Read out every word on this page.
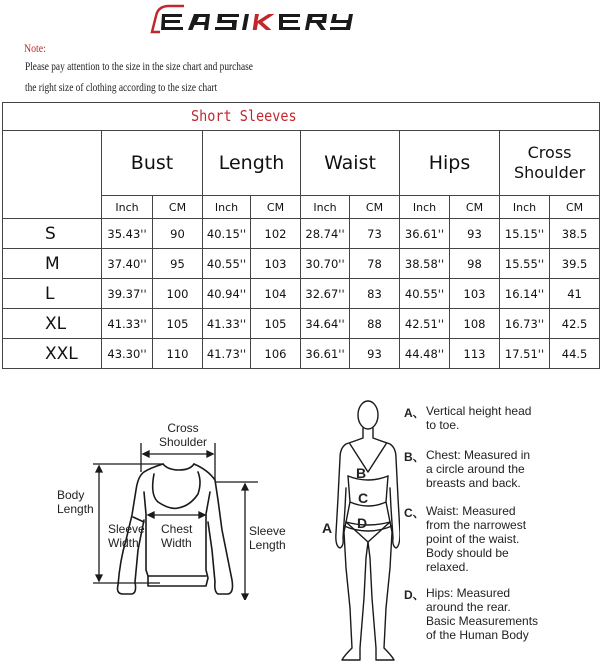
Note:
Please pay attention to the size in the size chart and purchase
the right size of clothing according to the size chart
Short Sleeves										
	Bust		Length		Waist		Hips		Cross
Shoulder	
	Inch	CM	Inch	CM	Inch	CM	Inch	CM	Inch	CM
S	35.43''	90	40.15''	102	28.74''	73	36.61''	93	15.15''	38.5
M	37.40''	95	40.55''	103	30.70''	78	38.58''	98	15.55''	39.5
L	39.37''	100	40.94''	104	32.67''	83	40.55''	103	16.14''	41
XL	41.33''	105	41.33''	105	34.64''	88	42.51''	108	16.73''	42.5
XXL	43.30''	110	41.73''	106	36.61''	93	44.48''	113	17.51''	44.5
Cross
Shoulder
Body
Length
Sleeve
Width
Chest
Width
Sleeve
Length
B
C
D
A
A、 Vertical height head
to toe.
B、 Chest: Measured in
a circle around the
breasts and back.
C、 Waist: Measured
from the narrowest
point of the waist.
Body should be
relaxed.
D、 Hips: Measured
around the rear.
Basic Measurements
of the Human Body
